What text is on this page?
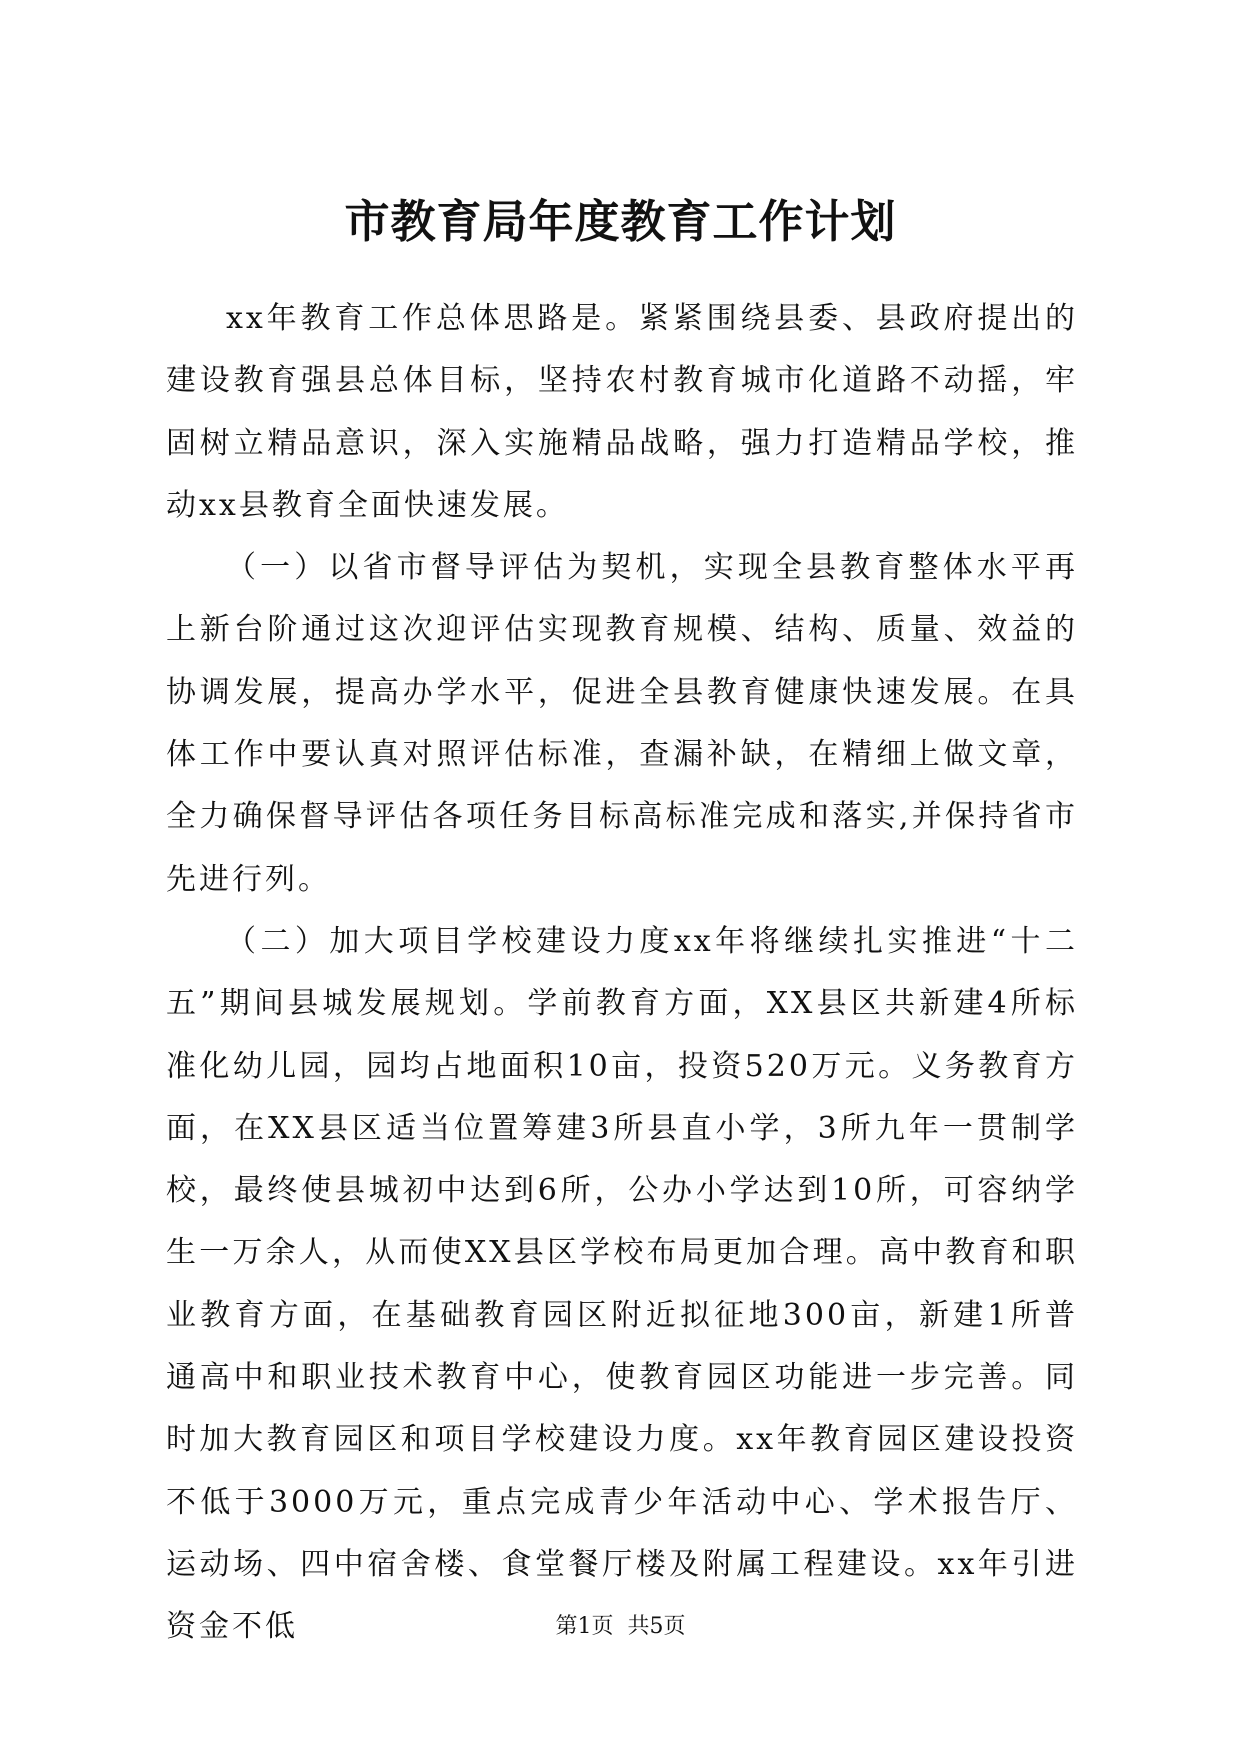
市教育局年度教育工作计划

xx年教育工作总体思路是。紧紧围绕县委、县政府提出的建设教育强县总体目标，坚持农村教育城市化道路不动摇，牢固树立精品意识，深入实施精品战略，强力打造精品学校，推动xx县教育全面快速发展。

（一）以省市督导评估为契机，实现全县教育整体水平再上新台阶通过这次迎评估实现教育规模、结构、质量、效益的协调发展，提高办学水平，促进全县教育健康快速发展。在具体工作中要认真对照评估标准，查漏补缺，在精细上做文章，全力确保督导评估各项任务目标高标准完成和落实,并保持省市先进行列。

（二）加大项目学校建设力度xx年将继续扎实推进“十二五”期间县城发展规划。学前教育方面，XX县区共新建4所标准化幼儿园，园均占地面积10亩，投资520万元。义务教育方面，在XX县区适当位置筹建3所县直小学，3所九年一贯制学校，最终使县城初中达到6所，公办小学达到10所，可容纳学生一万余人，从而使XX县区学校布局更加合理。高中教育和职业教育方面，在基础教育园区附近拟征地300亩，新建1所普通高中和职业技术教育中心，使教育园区功能进一步完善。同时加大教育园区和项目学校建设力度。xx年教育园区建设投资不低于3000万元，重点完成青少年活动中心、学术报告厅、运动场、四中宿舍楼、食堂餐厅楼及附属工程建设。xx年引进资金不低	第1页 共5页
